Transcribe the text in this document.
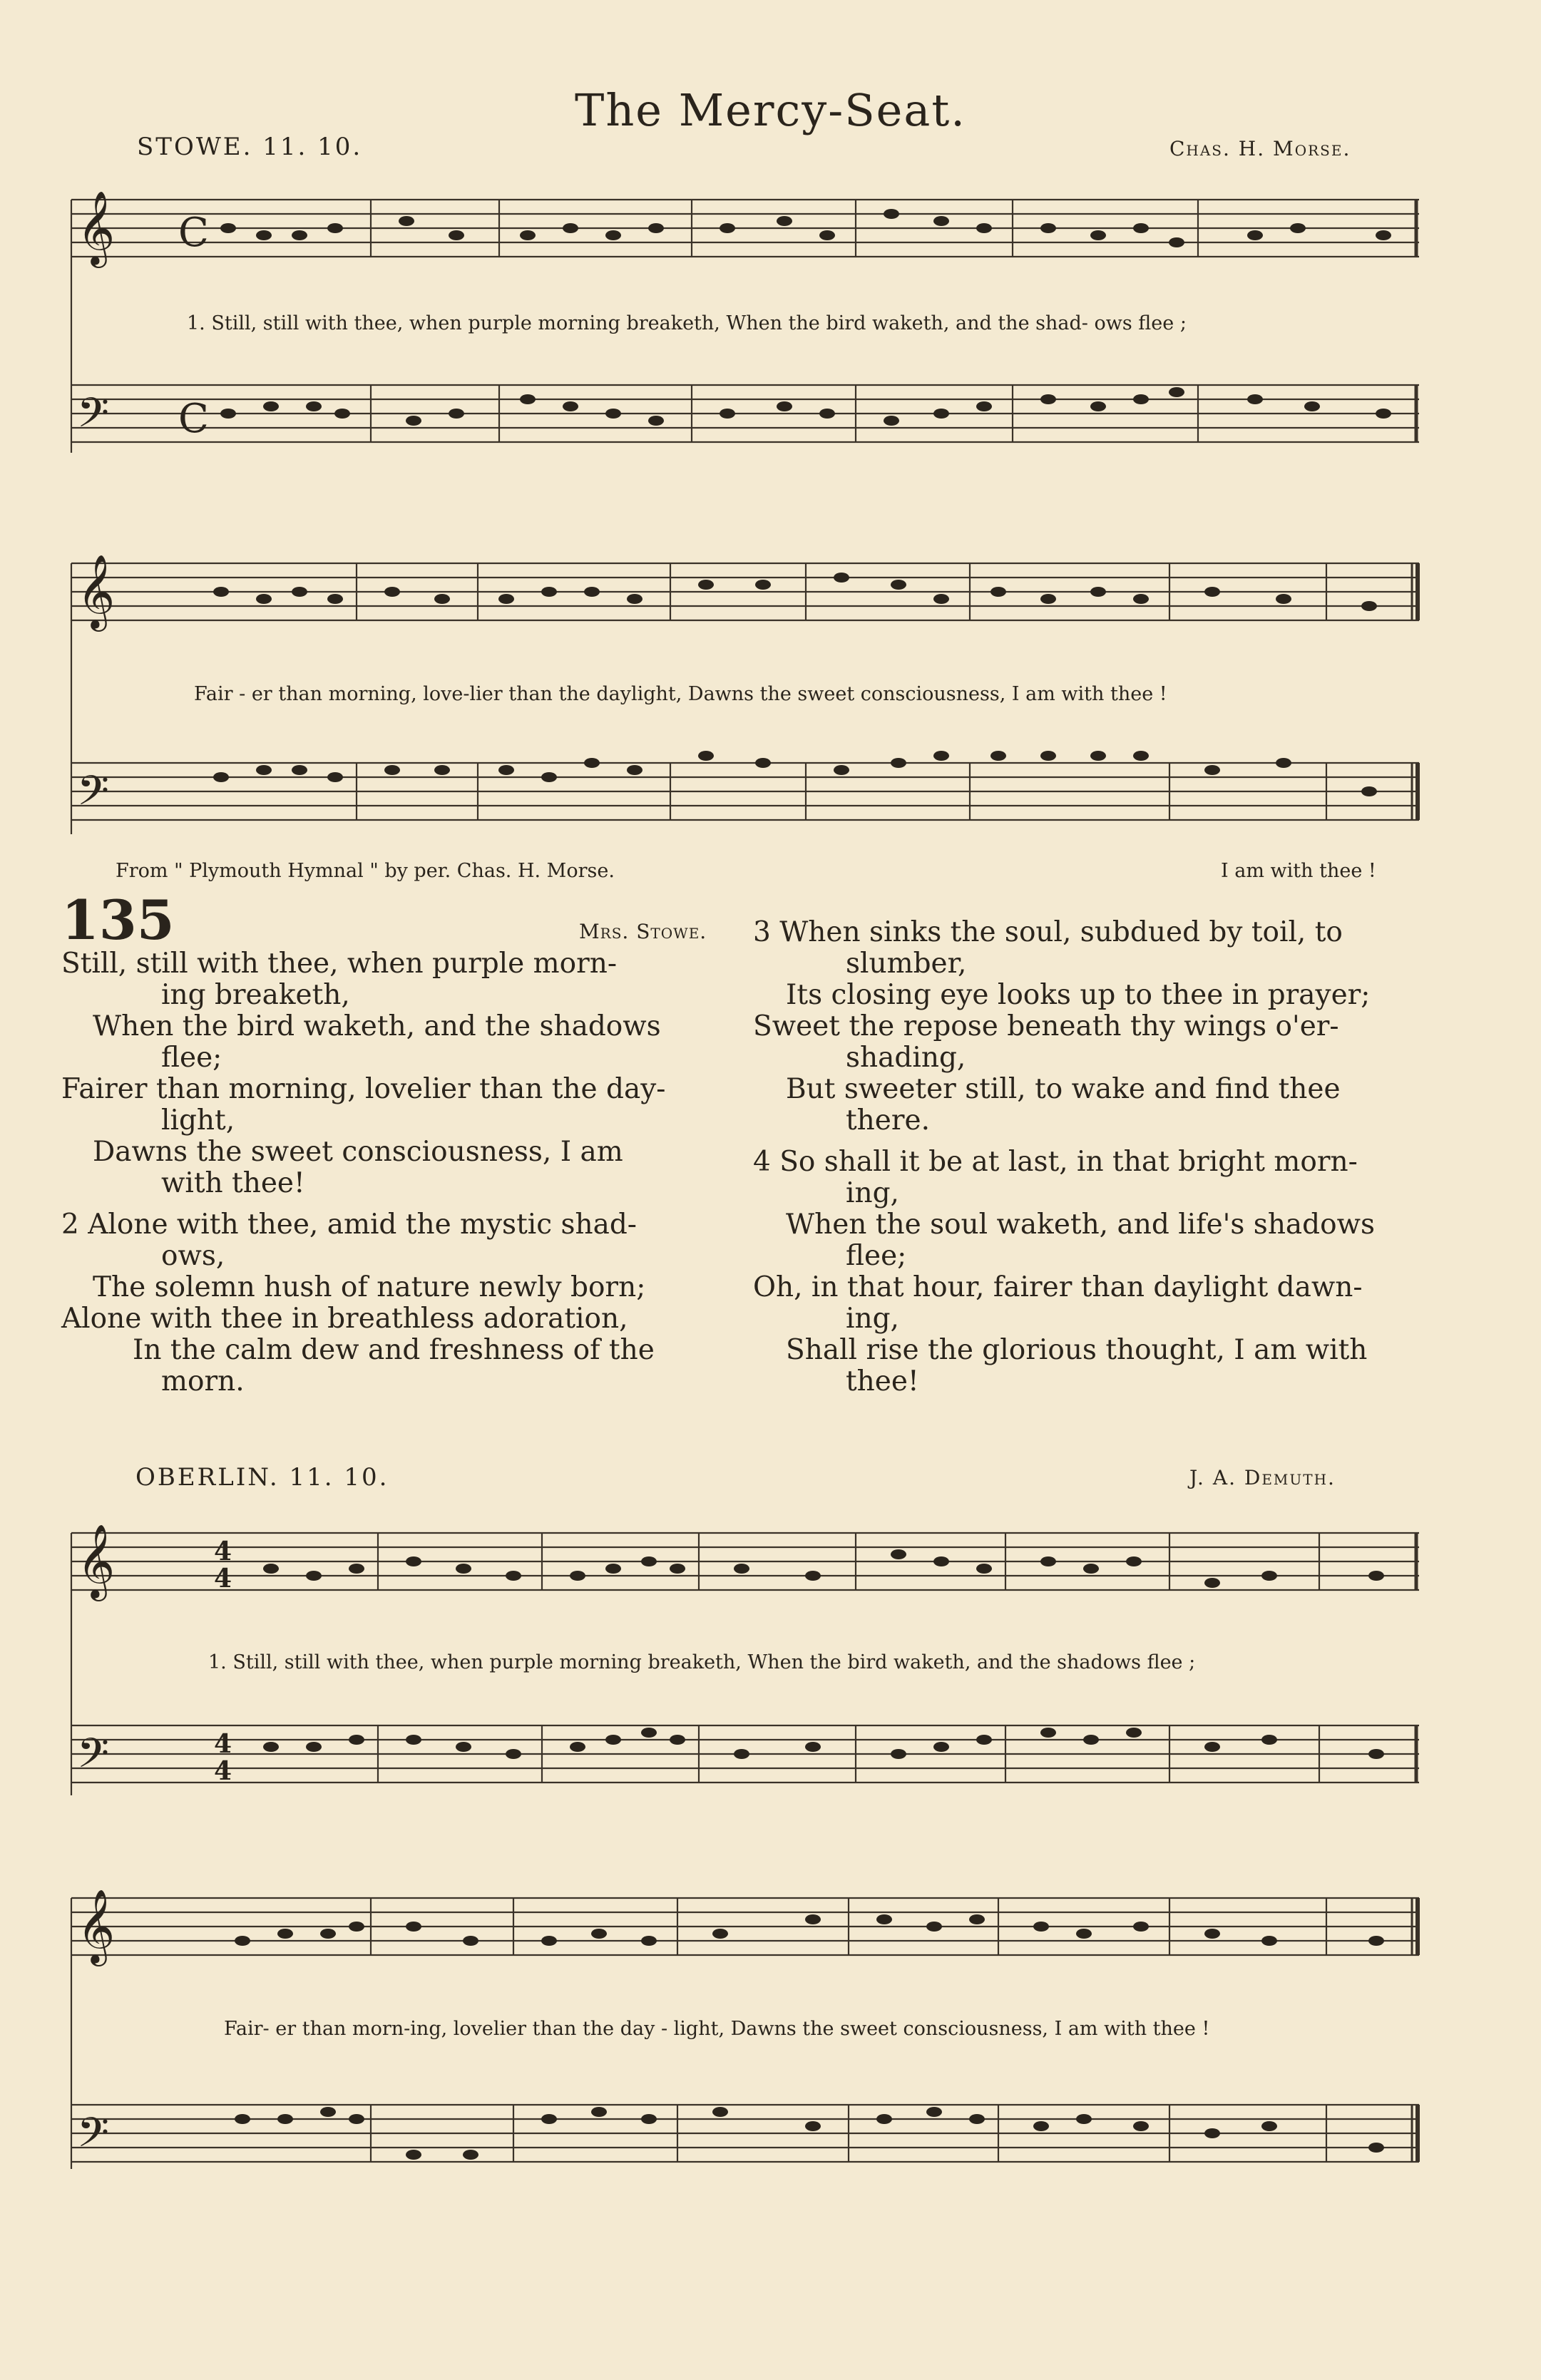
The Mercy-Seat.
STOWE. 11. 10.	Chas. H. Morse.
𝄞
𝄢
C
C
1. Still, still with thee, when purple morning breaketh, When the bird waketh, and the shad- ows flee ;
𝄞
𝄢
Fair - er than morning, love-lier than the daylight, Dawns the sweet consciousness, I am with thee !
From " Plymouth Hymnal " by per. Chas. H. Morse.	I am with thee !
135	Mrs. Stowe.
Still, still with thee, when purple morn-
ing breaketh,
When the bird waketh, and the shadows
flee;
Fairer than morning, lovelier than the day-
light,
Dawns the sweet consciousness, I am
with thee!
2 Alone with thee, amid the mystic shad-
ows,
The solemn hush of nature newly born;
Alone with thee in breathless adoration,
In the calm dew and freshness of the
morn.
3 When sinks the soul, subdued by toil, to
slumber,
Its closing eye looks up to thee in prayer;
Sweet the repose beneath thy wings o'er-
shading,
But sweeter still, to wake and find thee
there.
4 So shall it be at last, in that bright morn-
ing,
When the soul waketh, and life's shadows
flee;
Oh, in that hour, fairer than daylight dawn-
ing,
Shall rise the glorious thought, I am with
thee!
OBERLIN. 11. 10.	J. A. Demuth.
𝄞
𝄢
4
4
4
4
1. Still, still with thee, when purple morning breaketh, When the bird waketh, and the shadows flee ;
𝄞
𝄢
Fair- er than morn-ing, lovelier than the day - light, Dawns the sweet consciousness, I am with thee !
